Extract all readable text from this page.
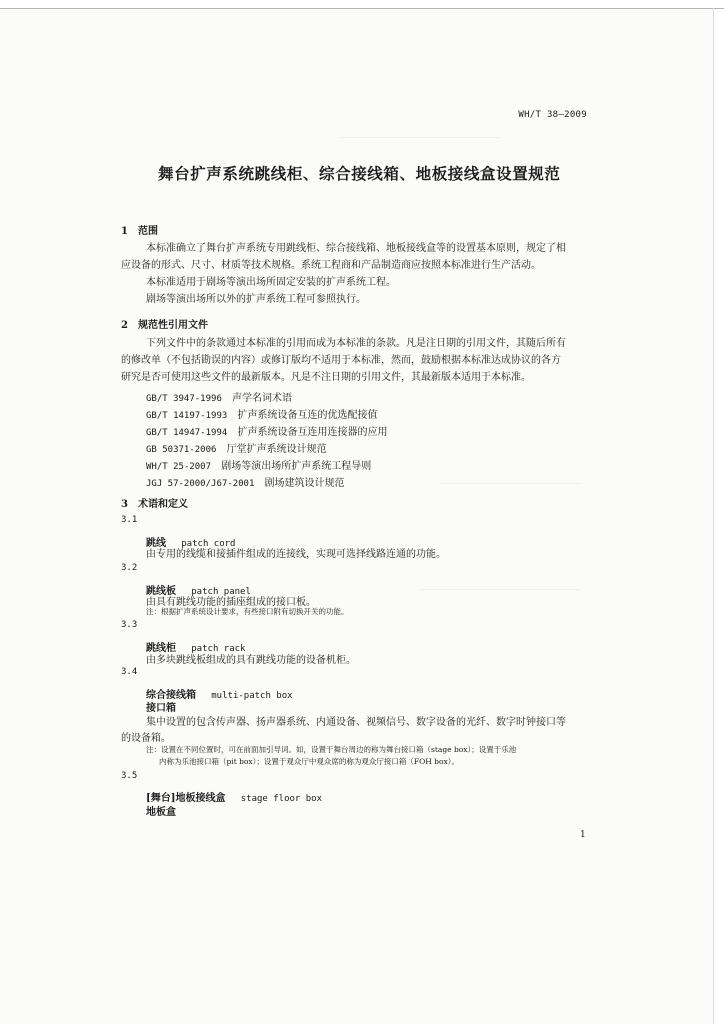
WH/T 38—2009
舞台扩声系统跳线柜、综合接线箱、地板接线盒设置规范
1　范围
本标准确立了舞台扩声系统专用跳线柜、综合接线箱、地板接线盒等的设置基本原则，规定了相
应设备的形式、尺寸、材质等技术规格。系统工程商和产品制造商应按照本标准进行生产活动。
本标准适用于剧场等演出场所固定安装的扩声系统工程。
剧场等演出场所以外的扩声系统工程可参照执行。
2　规范性引用文件
下列文件中的条款通过本标准的引用而成为本标准的条款。凡是注日期的引用文件，其随后所有
的修改单（不包括勘误的内容）或修订版均不适用于本标准，然而，鼓励根据本标准达成协议的各方
研究是否可使用这些文件的最新版本。凡是不注日期的引用文件，其最新版本适用于本标准。
GB/T 3947-1996 声学名词术语
GB/T 14197-1993 扩声系统设备互连的优选配接值
GB/T 14947-1994 扩声系统设备互连用连接器的应用
GB 50371-2006 厅堂扩声系统设计规范
WH/T 25-2007 剧场等演出场所扩声系统工程导则
JGJ 57-2000/J67-2001 剧场建筑设计规范
3　术语和定义
3.1
跳线 patch cord
由专用的线缆和接插件组成的连接线，实现可选择线路连通的功能。
3.2
跳线板 patch panel
由具有跳线功能的插座组成的接口板。
注：根据扩声系统设计要求，有些接口附有切换开关的功能。
3.3
跳线柜 patch rack
由多块跳线板组成的具有跳线功能的设备机柜。
3.4
综合接线箱 multi-patch box
接口箱
集中设置的包含传声器、扬声器系统、内通设备、视频信号、数字设备的光纤、数字时钟接口等
的设备箱。
注：设置在不同位置时，可在前面加引导词。如，设置于舞台周边的称为舞台接口箱（stage box）；设置于乐池
内称为乐池接口箱（pit box）；设置于观众厅中观众席的称为观众厅接口箱（FOH box）。
3.5
[舞台]地板接线盒 stage floor box
地板盒
1
